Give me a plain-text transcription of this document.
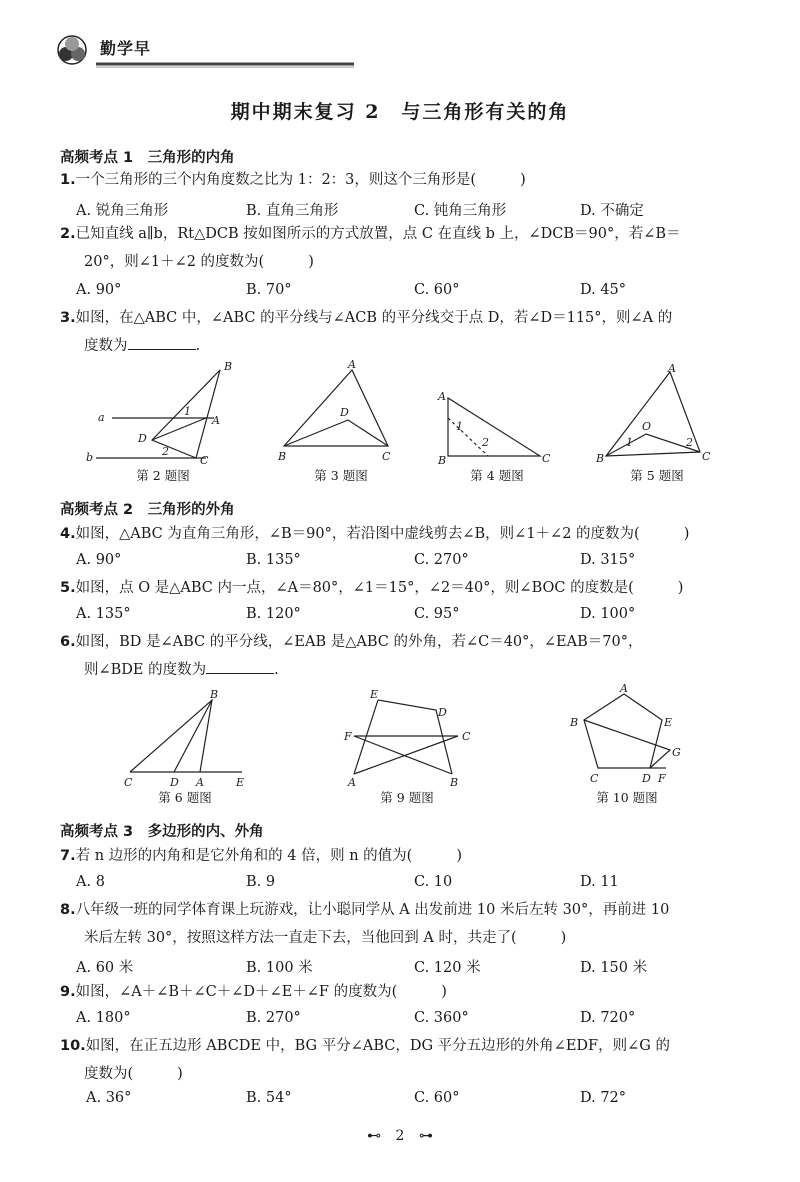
勤学早
期中期末复习 2　与三角形有关的角
高频考点 1　三角形的内角
1.一个三角形的三个内角度数之比为 1：2：3，则这个三角形是(	)
A. 锐角三角形	B. 直角三角形	C. 钝角三角形	D. 不确定
2.已知直线 a∥b，Rt△DCB 按如图所示的方式放置，点 C 在直线 b 上，∠DCB＝90°，若∠B＝
20°，则∠1＋∠2 的度数为(	)
A. 90°	B. 70°	C. 60°	D. 45°
3.如图，在△ABC 中，∠ABC 的平分线与∠ACB 的平分线交于点 D，若∠D＝115°，则∠A 的
度数为	.
a
b
B
A
D
C
1
2
第 2 题图
A
B	C
D
第 3 题图
A
B	C
1
2
第 4 题图
A
B	C
O
1	2
第 5 题图
高频考点 2　三角形的外角
4.如图，△ABC 为直角三角形，∠B＝90°，若沿图中虚线剪去∠B，则∠1＋∠2 的度数为(	)
A. 90°	B. 135°	C. 270°	D. 315°
5.如图，点 O 是△ABC 内一点，∠A＝80°，∠1＝15°，∠2＝40°，则∠BOC 的度数是(	)
A. 135°	B. 120°	C. 95°	D. 100°
6.如图，BD 是∠ABC 的平分线，∠EAB 是△ABC 的外角，若∠C＝40°，∠EAB＝70°，
则∠BDE 的度数为	.
B
C	D A	E
第 6 题图
E
D
F	C
A	B
第 9 题图
A
B	E
G
C	D F
第 10 题图
高频考点 3　多边形的内、外角
7.若 n 边形的内角和是它外角和的 4 倍，则 n 的值为(	)
A. 8	B. 9	C. 10	D. 11
8.八年级一班的同学体育课上玩游戏，让小聪同学从 A 出发前进 10 米后左转 30°，再前进 10
米后左转 30°，按照这样方法一直走下去，当他回到 A 时，共走了(	)
A. 60 米	B. 100 米	C. 120 米	D. 150 米
9.如图，∠A＋∠B＋∠C＋∠D＋∠E＋∠F 的度数为(	)
A. 180°	B. 270°	C. 360°	D. 720°
10.如图，在正五边形 ABCDE 中，BG 平分∠ABC，DG 平分五边形的外角∠EDF，则∠G 的
度数为(	)
A. 36°	B. 54°	C. 60°	D. 72°
⊷ 2 ⊶
